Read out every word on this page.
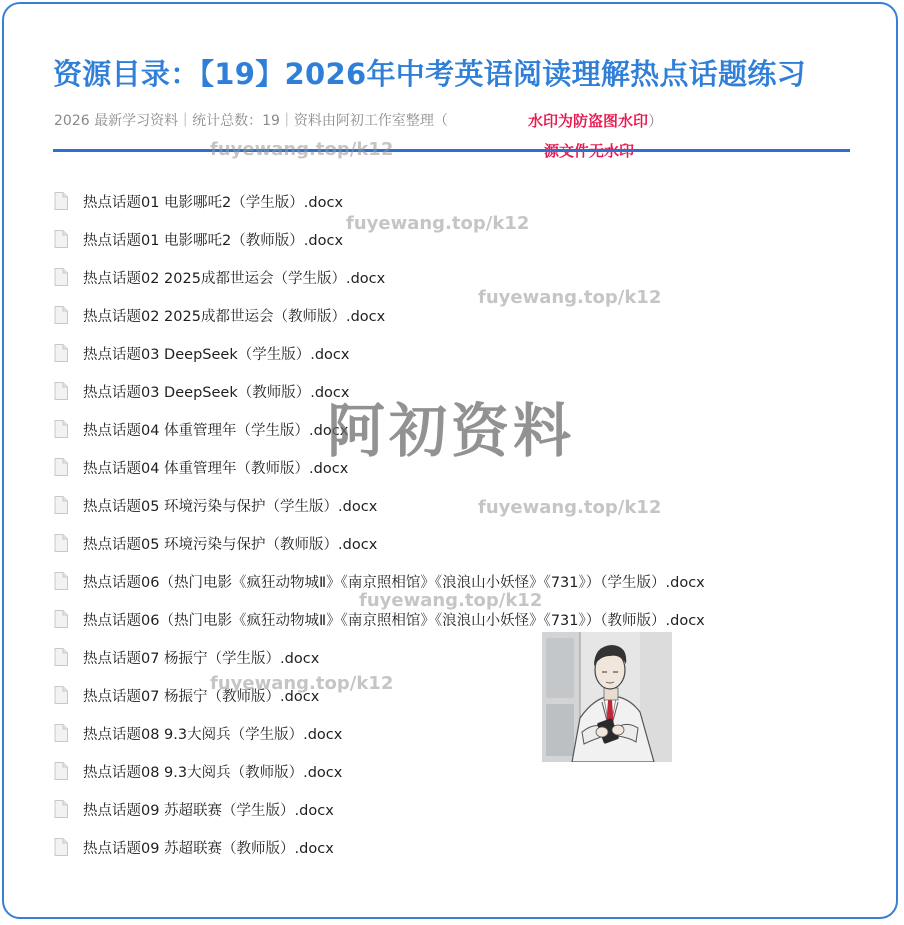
资源目录：【19】2026年中考英语阅读理解热点话题练习
2026 最新学习资料｜统计总数：19｜资料由阿初工作室整理（	水印为防盗图水印）
热点话题01 电影哪吒2（学生版）.docx
热点话题01 电影哪吒2（教师版）.docx
热点话题02 2025成都世运会（学生版）.docx
热点话题02 2025成都世运会（教师版）.docx
热点话题03 DeepSeek（学生版）.docx
热点话题03 DeepSeek（教师版）.docx
热点话题04 体重管理年（学生版）.docx
热点话题04 体重管理年（教师版）.docx
热点话题05 环境污染与保护（学生版）.docx
热点话题05 环境污染与保护（教师版）.docx
热点话题06（热门电影《疯狂动物城Ⅱ》《南京照相馆》《浪浪山小妖怪》《731》）（学生版）.docx
热点话题06（热门电影《疯狂动物城Ⅱ》《南京照相馆》《浪浪山小妖怪》《731》）（教师版）.docx
热点话题07 杨振宁（学生版）.docx
热点话题07 杨振宁（教师版）.docx
热点话题08 9.3大阅兵（学生版）.docx
热点话题08 9.3大阅兵（教师版）.docx
热点话题09 苏超联赛（学生版）.docx
热点话题09 苏超联赛（教师版）.docx
fuyewang.top/k12
fuyewang.top/k12
fuyewang.top/k12
fuyewang.top/k12
fuyewang.top/k12
fuyewang.top/k12
阿初资料
